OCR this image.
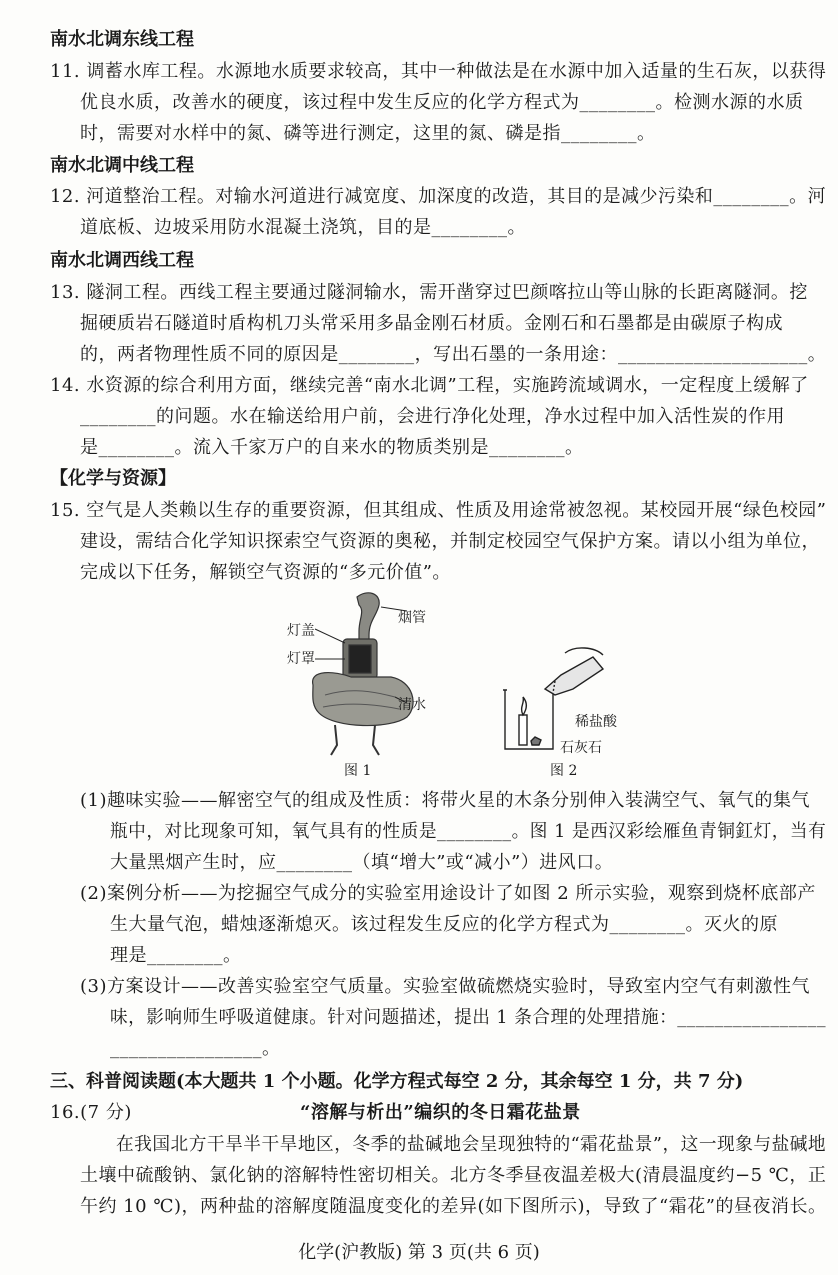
南水北调东线工程
11. 调蓄水库工程。水源地水质要求较高，其中一种做法是在水源中加入适量的生石灰，以获得
优良水质，改善水的硬度，该过程中发生反应的化学方程式为________。检测水源的水质
时，需要对水样中的氮、磷等进行测定，这里的氮、磷是指________。
南水北调中线工程
12. 河道整治工程。对输水河道进行减宽度、加深度的改造，其目的是减少污染和________。河
道底板、边坡采用防水混凝土浇筑，目的是________。
南水北调西线工程
13. 隧洞工程。西线工程主要通过隧洞输水，需开凿穿过巴颜喀拉山等山脉的长距离隧洞。挖
掘硬质岩石隧道时盾构机刀头常采用多晶金刚石材质。金刚石和石墨都是由碳原子构成
的，两者物理性质不同的原因是________，写出石墨的一条用途：____________________。
14. 水资源的综合利用方面，继续完善“南水北调”工程，实施跨流域调水，一定程度上缓解了
________的问题。水在输送给用户前，会进行净化处理，净水过程中加入活性炭的作用
是________。流入千家万户的自来水的物质类别是________。
【化学与资源】
15. 空气是人类赖以生存的重要资源，但其组成、性质及用途常被忽视。某校园开展“绿色校园”
建设，需结合化学知识探索空气资源的奥秘，并制定校园空气保护方案。请以小组为单位，
完成以下任务，解锁空气资源的“多元价值”。
灯盖
灯罩
烟管
清水
图 1
稀盐酸
石灰石
图 2
(1)趣味实验——解密空气的组成及性质：将带火星的木条分别伸入装满空气、氧气的集气
瓶中，对比现象可知，氧气具有的性质是________。图 1 是西汉彩绘雁鱼青铜釭灯，当有
大量黑烟产生时，应________（填“增大”或“减小”）进风口。
(2)案例分析——为挖掘空气成分的实验室用途设计了如图 2 所示实验，观察到烧杯底部产
生大量气泡，蜡烛逐渐熄灭。该过程发生反应的化学方程式为________。灭火的原
理是________。
(3)方案设计——改善实验室空气质量。实验室做硫燃烧实验时，导致室内空气有刺激性气
味，影响师生呼吸道健康。针对问题描述，提出 1 条合理的处理措施：________________
________________。
三、科普阅读题(本大题共 1 个小题。化学方程式每空 2 分，其余每空 1 分，共 7 分)
16.(7 分)	“溶解与析出”编织的冬日霜花盐景
在我国北方干旱半干旱地区，冬季的盐碱地会呈现独特的“霜花盐景”，这一现象与盐碱地
土壤中硫酸钠、氯化钠的溶解特性密切相关。北方冬季昼夜温差极大(清晨温度约−5 ℃，正
午约 10 ℃)，两种盐的溶解度随温度变化的差异(如下图所示)，导致了“霜花”的昼夜消长。
化学(沪教版) 第 3 页(共 6 页)
